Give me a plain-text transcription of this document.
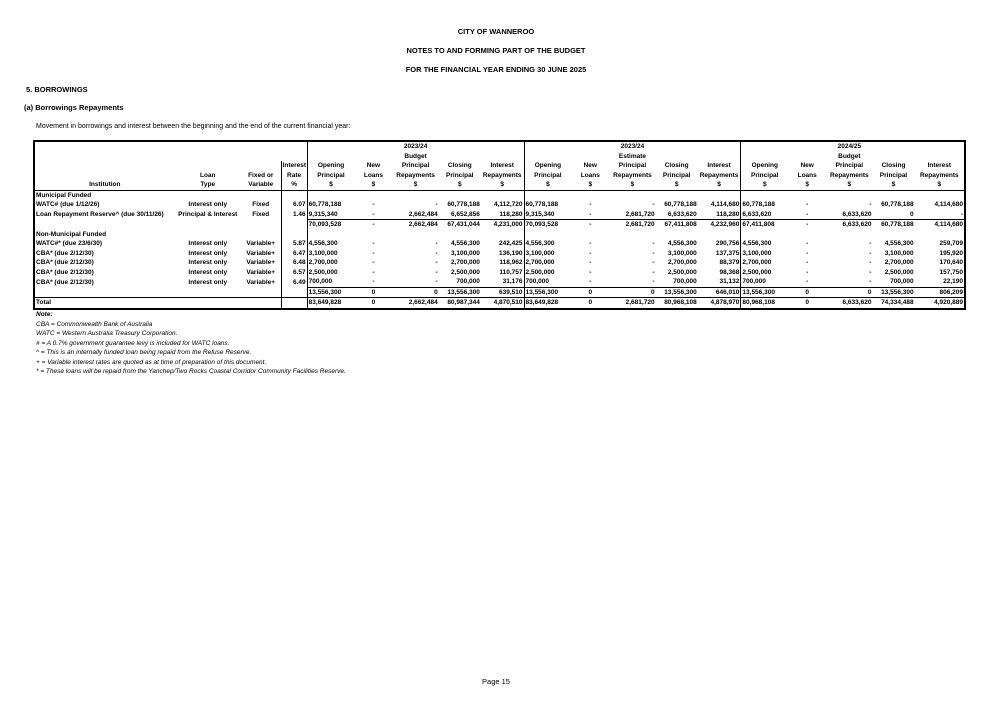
CITY OF WANNEROO
NOTES TO AND FORMING PART OF THE BUDGET
FOR THE FINANCIAL YEAR ENDING 30 JUNE 2025
5. BORROWINGS
(a) Borrowings Repayments
Movement in borrowings and interest between the beginning and the end of the current financial year:
						2023/24					2023/24					2024/25		
						Budget					Estimate					Budget		
			Interest	Opening	New	Principal	Closing	Interest	Opening	New	Principal	Closing	Interest	Opening	New	Principal	Closing	Interest
	Loan	Fixed or	Rate	Principal	Loans	Repayments	Principal	Repayments	Principal	Loans	Repayments	Principal	Repayments	Principal	Loans	Repayments	Principal	Repayments
Institution	Type	Variable	%	$	$	$	$	$	$	$	$	$	$	$	$	$	$	$
Municipal Funded																		
WATC# (due 1/12/26)	Interest only	Fixed	6.07	60,778,188	-	-	60,778,188	4,112,720	60,778,188	-	-	60,778,188	4,114,680	60,778,188	-	-	60,778,188	4,114,680
Loan Repayment Reserve^ (due 30/11/26)	Principal & Interest	Fixed	1.46	9,315,340	-	2,662,484	6,652,856	118,280	9,315,340	-	2,681,720	6,633,620	118,280	6,633,620	-	6,633,620	0	-
				70,093,528	-	2,662,484	67,431,044	4,231,000	70,093,528	-	2,681,720	67,411,808	4,232,960	67,411,808	-	6,633,620	60,778,188	4,114,680
Non-Municipal Funded																		
WATC#* (due 23/6/30)	Interest only	Variable+	5.87	4,556,300	-	-	4,556,300	242,425	4,556,300	-	-	4,556,300	290,756	4,556,300	-	-	4,556,300	259,709
CBA* (due 2/12/30)	Interest only	Variable+	6.47	3,100,000	-	-	3,100,000	136,190	3,100,000	-	-	3,100,000	137,375	3,100,000	-	-	3,100,000	195,920
CBA* (due 2/12/30)	Interest only	Variable+	6.48	2,700,000	-	-	2,700,000	118,962	2,700,000	-	-	2,700,000	88,379	2,700,000	-	-	2,700,000	170,640
CBA* (due 2/12/30)	Interest only	Variable+	6.57	2,500,000	-	-	2,500,000	110,757	2,500,000	-	-	2,500,000	98,368	2,500,000	-	-	2,500,000	157,750
CBA* (due 2/12/30)	Interest only	Variable+	6.49	700,000	-	-	700,000	31,176	700,000	-	-	700,000	31,132	700,000	-	-	700,000	22,190
				13,556,300	0	0	13,556,300	639,510	13,556,300	0	0	13,556,300	646,010	13,556,300	0	0	13,556,300	806,209
Total				83,649,828	0	2,662,484	80,987,344	4,870,510	83,649,828	0	2,681,720	80,968,108	4,878,970	80,968,108	0	6,633,620	74,334,488	4,920,889
Note:
CBA = Commonwealth Bank of Australia
WATC = Western Australia Treasury Corporation.
# = A 0.7% government guarantee levy is included for WATC loans.
^ = This is an internally funded loan being repaid from the Refuse Reserve.
+ = Variable interest rates are quoted as at time of preparation of this document.
* = These loans will be repaid from the Yanchep/Two Rocks Coastal Corridor Community Facilities Reserve.
Page 15
